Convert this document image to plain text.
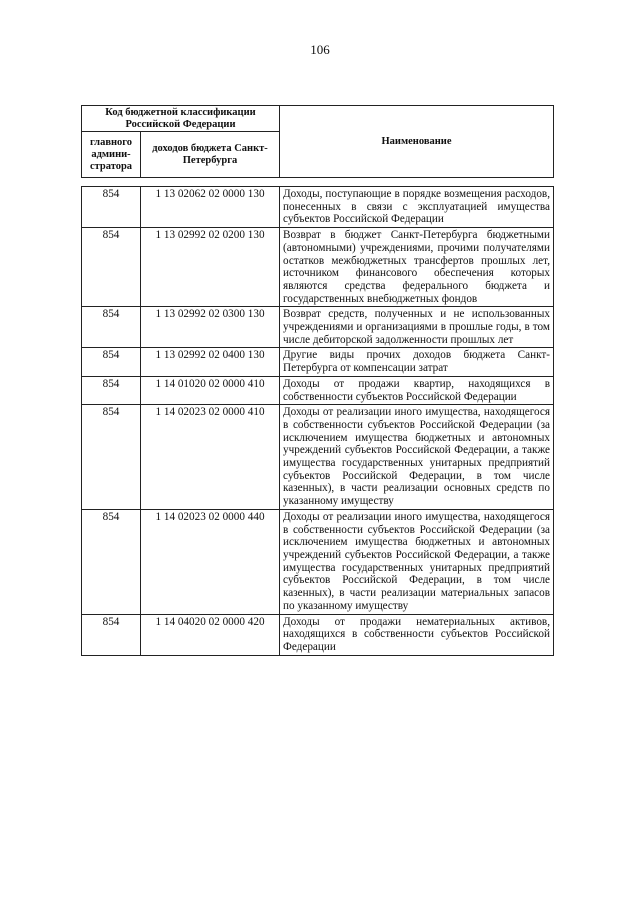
106
Код бюджетной классификации Российской Федерации		Наименование
главного админи-стратора	доходов бюджета Санкт-Петербурга	
854	1 13 02062 02 0000 130	Доходы, поступающие в порядке возмещения расходов, понесенных в связи с эксплуатацией имущества субъектов Российской Федерации
854	1 13 02992 02 0200 130	Возврат в бюджет Санкт-Петербурга бюджетными (автономными) учреждениями, прочими получателями остатков межбюджетных трансфертов прошлых лет, источником финансового обеспечения которых являются средства федерального бюджета и государственных внебюджетных фондов
854	1 13 02992 02 0300 130	Возврат средств, полученных и не использованных учреждениями и организациями в прошлые годы, в том числе дебиторской задолженности прошлых лет
854	1 13 02992 02 0400 130	Другие виды прочих доходов бюджета Санкт-Петербурга от компенсации затрат
854	1 14 01020 02 0000 410	Доходы от продажи квартир, находящихся в собственности субъектов Российской Федерации
854	1 14 02023 02 0000 410	Доходы от реализации иного имущества, находящегося в собственности субъектов Российской Федерации (за исключением имущества бюджетных и автономных учреждений субъектов Российской Федерации, а также имущества государственных унитарных предприятий субъектов Российской Федерации, в том числе казенных), в части реализации основных средств по указанному имуществу
854	1 14 02023 02 0000 440	Доходы от реализации иного имущества, находящегося в собственности субъектов Российской Федерации (за исключением имущества бюджетных и автономных учреждений субъектов Российской Федерации, а также имущества государственных унитарных предприятий субъектов Российской Федерации, в том числе казенных), в части реализации материальных запасов по указанному имуществу
854	1 14 04020 02 0000 420	Доходы от продажи нематериальных активов, находящихся в собственности субъектов Российской Федерации
